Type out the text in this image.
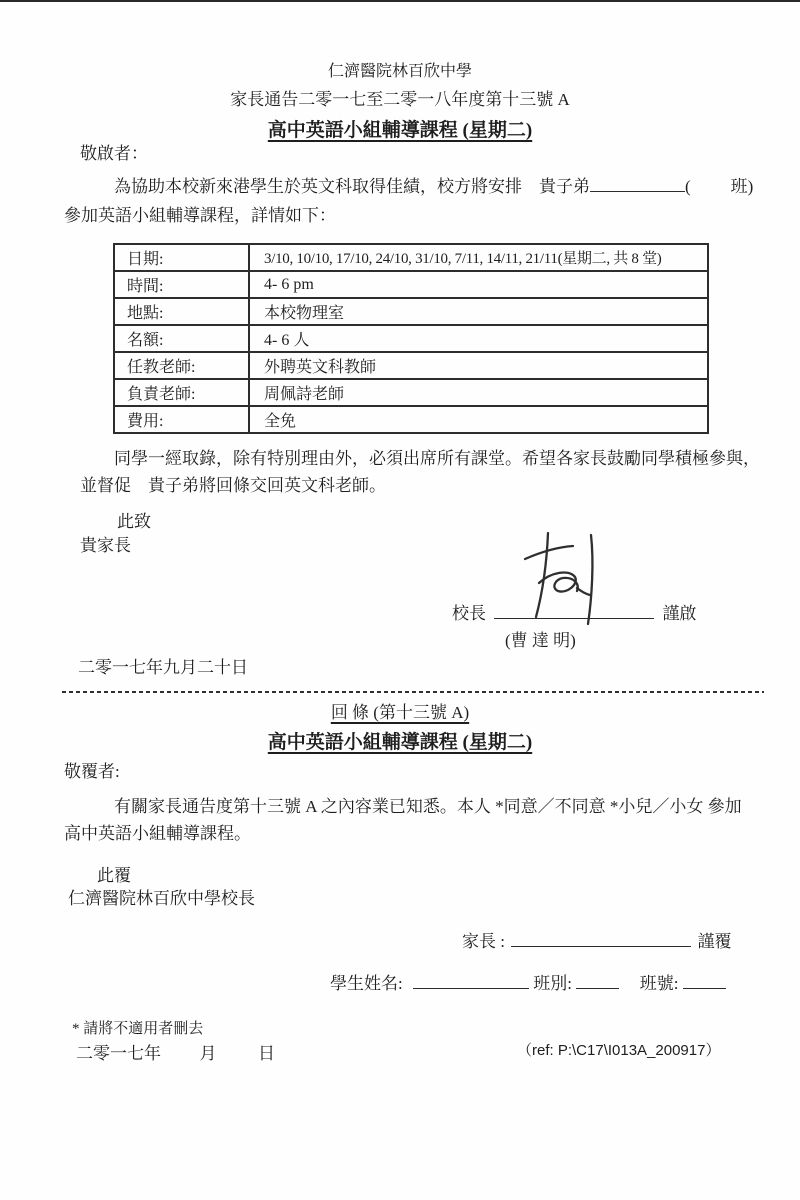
仁濟醫院林百欣中學
家長通告二零一七至二零一八年度第十三號 A
高中英語小組輔導課程 (星期二)
敬啟者：
為協助本校新來港學生於英文科取得佳績，校方將安排　貴子弟	( 班)
參加英語小組輔導課程，詳情如下：
日期:	3/10, 10/10, 17/10, 24/10, 31/10, 7/11, 14/11, 21/11(星期二, 共 8 堂)
時間:	4- 6 pm
地點:	本校物理室
名額:	4- 6 人
任教老師:	外聘英文科教師
負責老師:	周佩詩老師
費用:	全免
同學一經取錄，除有特別理由外，必須出席所有課堂。希望各家長鼓勵同學積極參與，
並督促　貴子弟將回條交回英文科老師。
此致
貴家長
校長	謹啟
(曹 達 明)
二零一七年九月二十日
回 條 (第十三號 A)
高中英語小組輔導課程 (星期二)
敬覆者:
有關家長通告度第十三號 A 之內容業已知悉。本人 *同意／不同意 *小兒／小女 參加
高中英語小組輔導課程。
此覆
仁濟醫院林百欣中學校長
家長 :	謹覆
學生姓名:	班別:	班號:
* 請將不適用者刪去
二零一七年 月 日	（ref: P:\C17\I013A_200917）
